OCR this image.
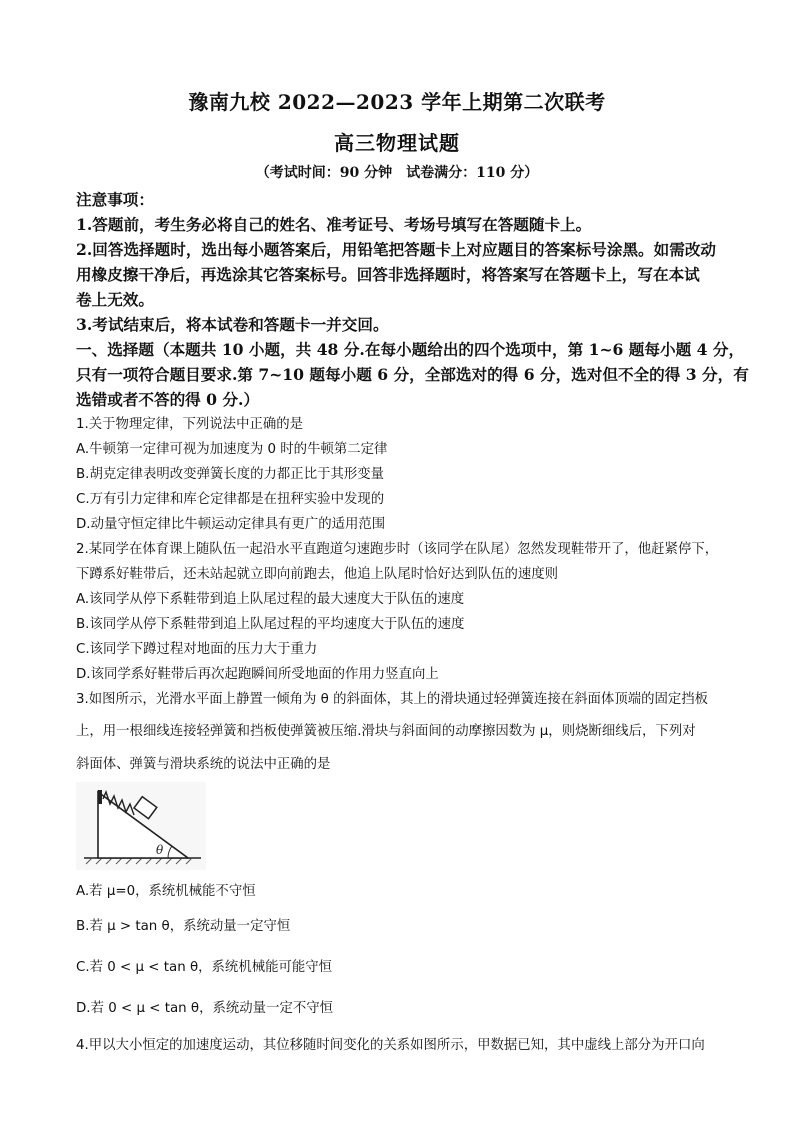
豫南九校 2022—2023 学年上期第二次联考
高三物理试题
（考试时间：90 分钟　试卷满分：110 分）
注意事项：
1.答题前，考生务必将自己的姓名、准考证号、考场号填写在答题随卡上。
2.回答选择题时，选出每小题答案后，用铅笔把答题卡上对应题目的答案标号涂黑。如需改动
用橡皮擦干净后，再选涂其它答案标号。回答非选择题时，将答案写在答题卡上，写在本试
卷上无效。
3.考试结束后，将本试卷和答题卡一并交回。
一、选择题（本题共 10 小题，共 48 分.在每小题给出的四个选项中，第 1~6 题每小题 4 分，
只有一项符合题目要求.第 7~10 题每小题 6 分，全部选对的得 6 分，选对但不全的得 3 分，有
选错或者不答的得 0 分.）
1.关于物理定律，下列说法中正确的是
A.牛顿第一定律可视为加速度为 0 时的牛顿第二定律
B.胡克定律表明改变弹簧长度的力都正比于其形变量
C.万有引力定律和库仑定律都是在扭秤实验中发现的
D.动量守恒定律比牛顿运动定律具有更广的适用范围
2.某同学在体育课上随队伍一起沿水平直跑道匀速跑步时（该同学在队尾）忽然发现鞋带开了，他赶紧停下，
下蹲系好鞋带后，还未站起就立即向前跑去，他追上队尾时恰好达到队伍的速度则
A.该同学从停下系鞋带到追上队尾过程的最大速度大于队伍的速度
B.该同学从停下系鞋带到追上队尾过程的平均速度大于队伍的速度
C.该同学下蹲过程对地面的压力大于重力
D.该同学系好鞋带后再次起跑瞬间所受地面的作用力竖直向上
3.如图所示，光滑水平面上静置一倾角为 θ 的斜面体，其上的滑块通过轻弹簧连接在斜面体顶端的固定挡板
上，用一根细线连接轻弹簧和挡板使弹簧被压缩.滑块与斜面间的动摩擦因数为 μ，则烧断细线后，下列对
斜面体、弹簧与滑块系统的说法中正确的是
θ
A.若 μ=0，系统机械能不守恒
B.若 μ > tan θ，系统动量一定守恒
C.若 0 < μ < tan θ，系统机械能可能守恒
D.若 0 < μ < tan θ，系统动量一定不守恒
4.甲以大小恒定的加速度运动，其位移随时间变化的关系如图所示，甲数据已知，其中虚线上部分为开口向
